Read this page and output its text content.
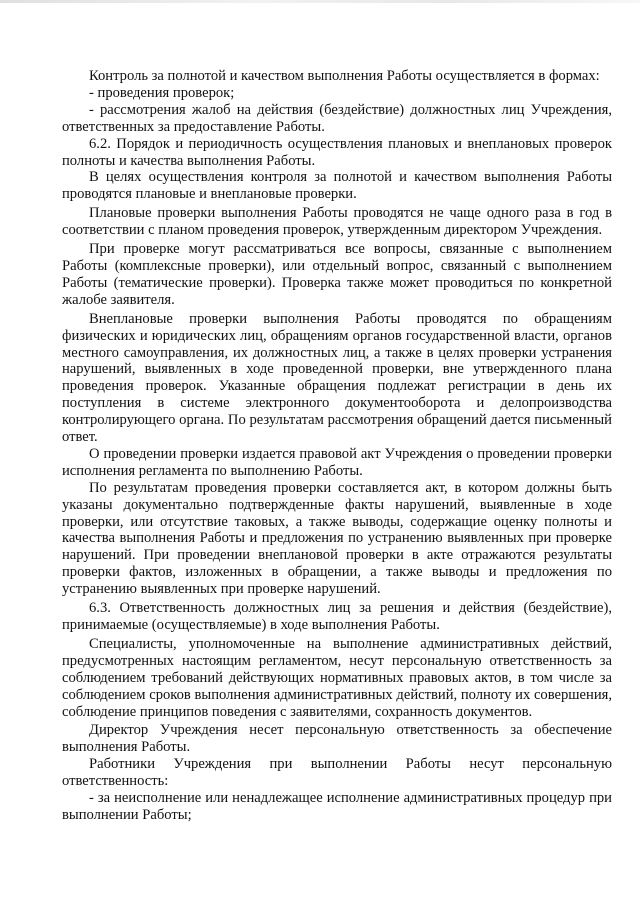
Контроль за полнотой и качеством выполнения Работы осуществляется в формах:

- проведения проверок;

- рассмотрения жалоб на действия (бездействие) должностных лиц Учреждения, ответственных за предоставление Работы.

6.2. Порядок и периодичность осуществления плановых и внеплановых проверок полноты и качества выполнения Работы.

В целях осуществления контроля за полнотой и качеством выполнения Работы проводятся плановые и внеплановые проверки.

Плановые проверки выполнения Работы проводятся не чаще одного раза в год в соответствии с планом проведения проверок, утвержденным директором Учреждения.

При проверке могут рассматриваться все вопросы, связанные с выполнением Работы (комплексные проверки), или отдельный вопрос, связанный с выполнением Работы (тематические проверки). Проверка также может проводиться по конкретной жалобе заявителя.

Внеплановые проверки выполнения Работы проводятся по обращениям физических и юридических лиц, обращениям органов государственной власти, органов местного самоуправления, их должностных лиц, а также в целях проверки устранения нарушений, выявленных в ходе проведенной проверки, вне утвержденного плана проведения проверок. Указанные обращения подлежат регистрации в день их поступления в системе электронного документооборота и делопроизводства контролирующего органа. По результатам рассмотрения обращений дается письменный ответ.

О проведении проверки издается правовой акт Учреждения о проведении проверки исполнения регламента по выполнению Работы.

По результатам проведения проверки составляется акт, в котором должны быть указаны документально подтвержденные факты нарушений, выявленные в ходе проверки, или отсутствие таковых, а также выводы, содержащие оценку полноты и качества выполнения Работы и предложения по устранению выявленных при проверке нарушений. При проведении внеплановой проверки в акте отражаются результаты проверки фактов, изложенных в обращении, а также выводы и предложения по устранению выявленных при проверке нарушений.

6.3. Ответственность должностных лиц за решения и действия (бездействие), принимаемые (осуществляемые) в ходе выполнения Работы.

Специалисты, уполномоченные на выполнение административных действий, предусмотренных настоящим регламентом, несут персональную ответственность за соблюдением требований действующих нормативных правовых актов, в том числе за соблюдением сроков выполнения административных действий, полноту их совершения, соблюдение принципов поведения с заявителями, сохранность документов.

Директор Учреждения несет персональную ответственность за обеспечение выполнения Работы.

Работники Учреждения при выполнении Работы несут персональную ответственность:

- за неисполнение или ненадлежащее исполнение административных процедур при выполнении Работы;
